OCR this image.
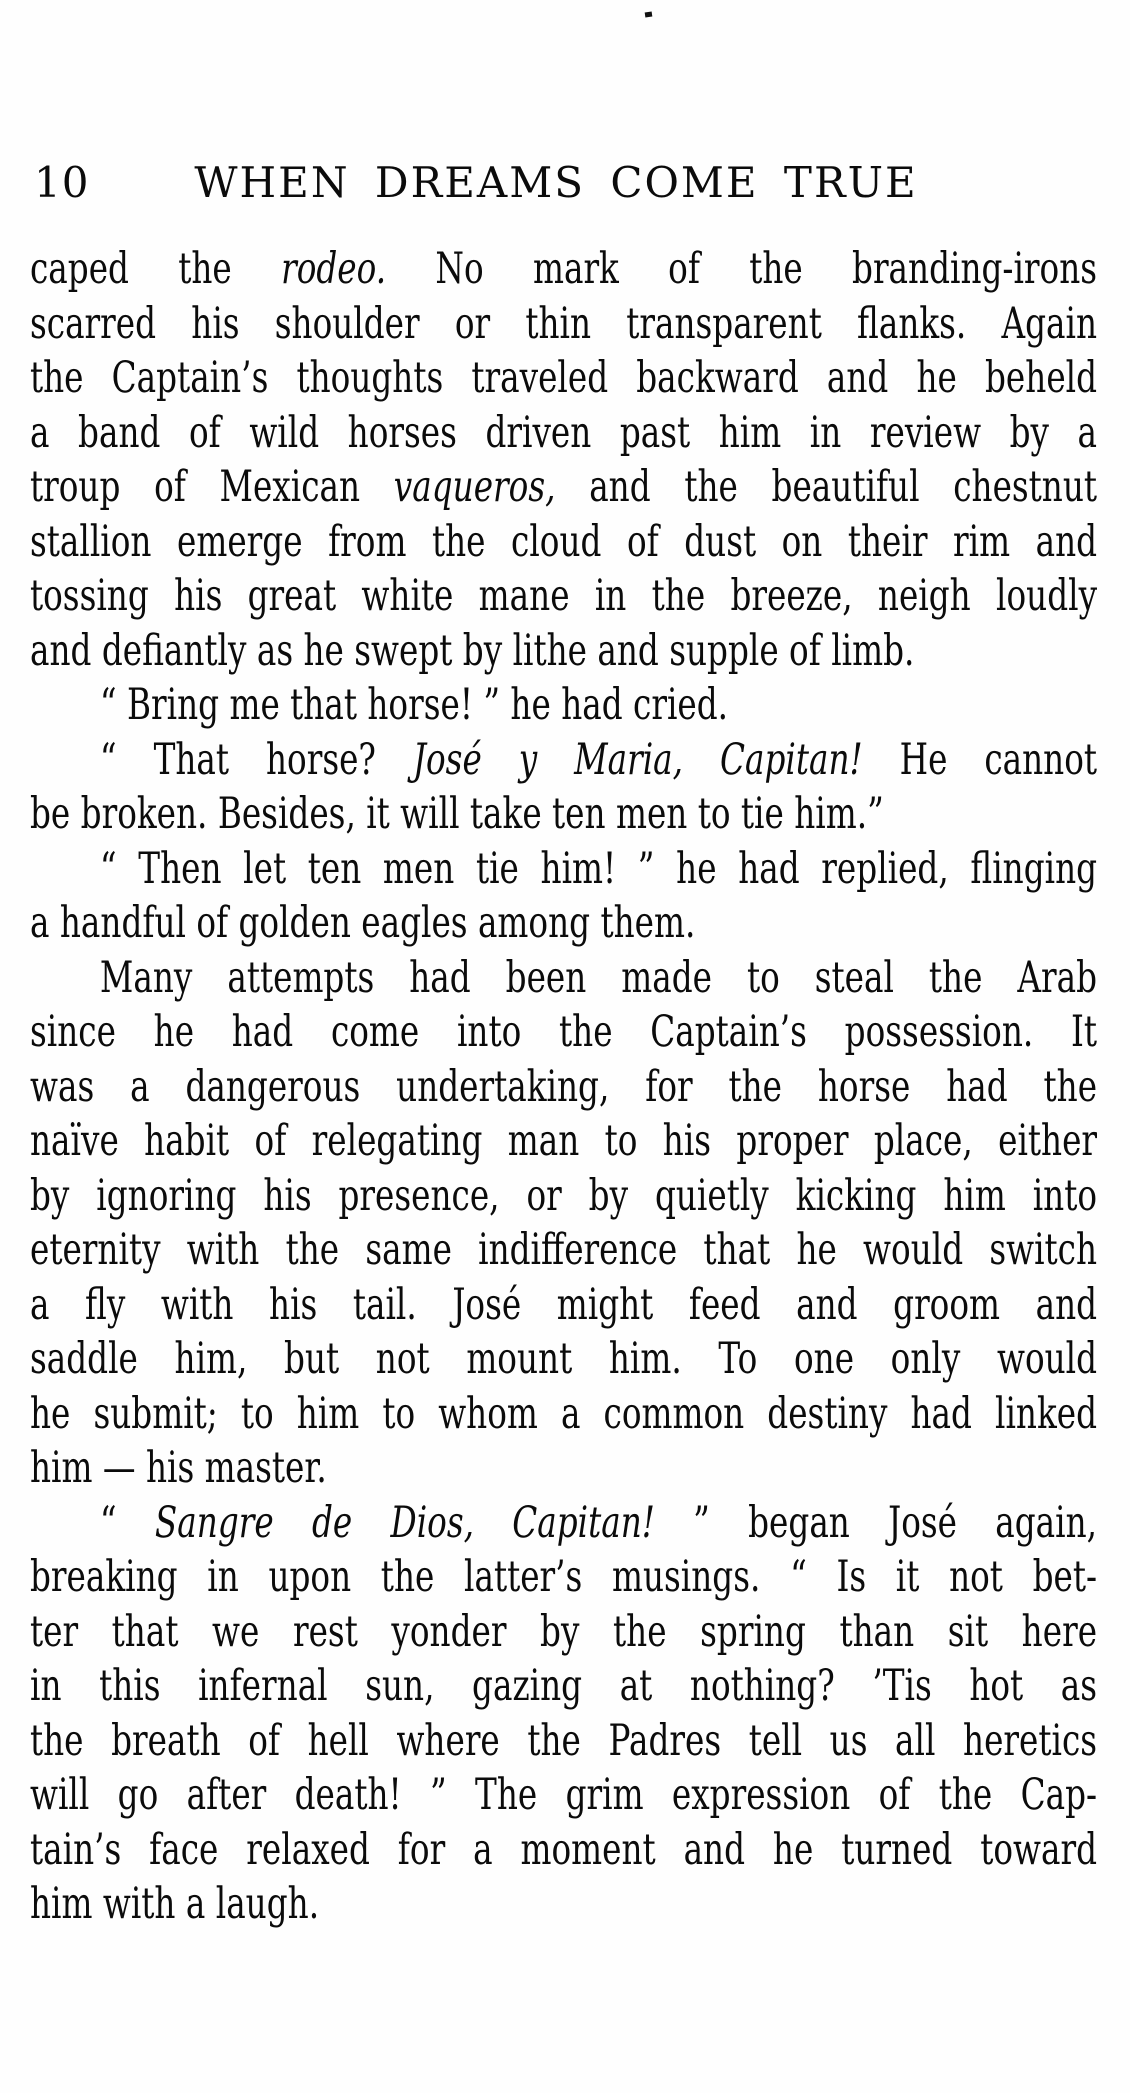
10 WHEN DREAMS COME TRUE
caped the rodeo. No mark of the branding-irons
scarred his shoulder or thin transparent flanks. Again
the Captain’s thoughts traveled backward and he beheld
a band of wild horses driven past him in review by a
troup of Mexican vaqueros, and the beautiful chestnut
stallion emerge from the cloud of dust on their rim and
tossing his great white mane in the breeze, neigh loudly
and defiantly as he swept by lithe and supple of limb.
“ Bring me that horse! ” he had cried.
“ That horse? José y Maria, Capitan! He cannot
be broken. Besides, it will take ten men to tie him.”
“ Then let ten men tie him! ” he had replied, flinging
a handful of golden eagles among them.
Many attempts had been made to steal the Arab
since he had come into the Captain’s possession. It
was a dangerous undertaking, for the horse had the
naïve habit of relegating man to his proper place, either
by ignoring his presence, or by quietly kicking him into
eternity with the same indifference that he would switch
a fly with his tail. José might feed and groom and
saddle him, but not mount him. To one only would
he submit; to him to whom a common destiny had linked
him — his master.
“ Sangre de Dios, Capitan! ” began José again,
breaking in upon the latter’s musings. “ Is it not bet-
ter that we rest yonder by the spring than sit here
in this infernal sun, gazing at nothing? ’Tis hot as
the breath of hell where the Padres tell us all heretics
will go after death! ” The grim expression of the Cap-
tain’s face relaxed for a moment and he turned toward
him with a laugh.
